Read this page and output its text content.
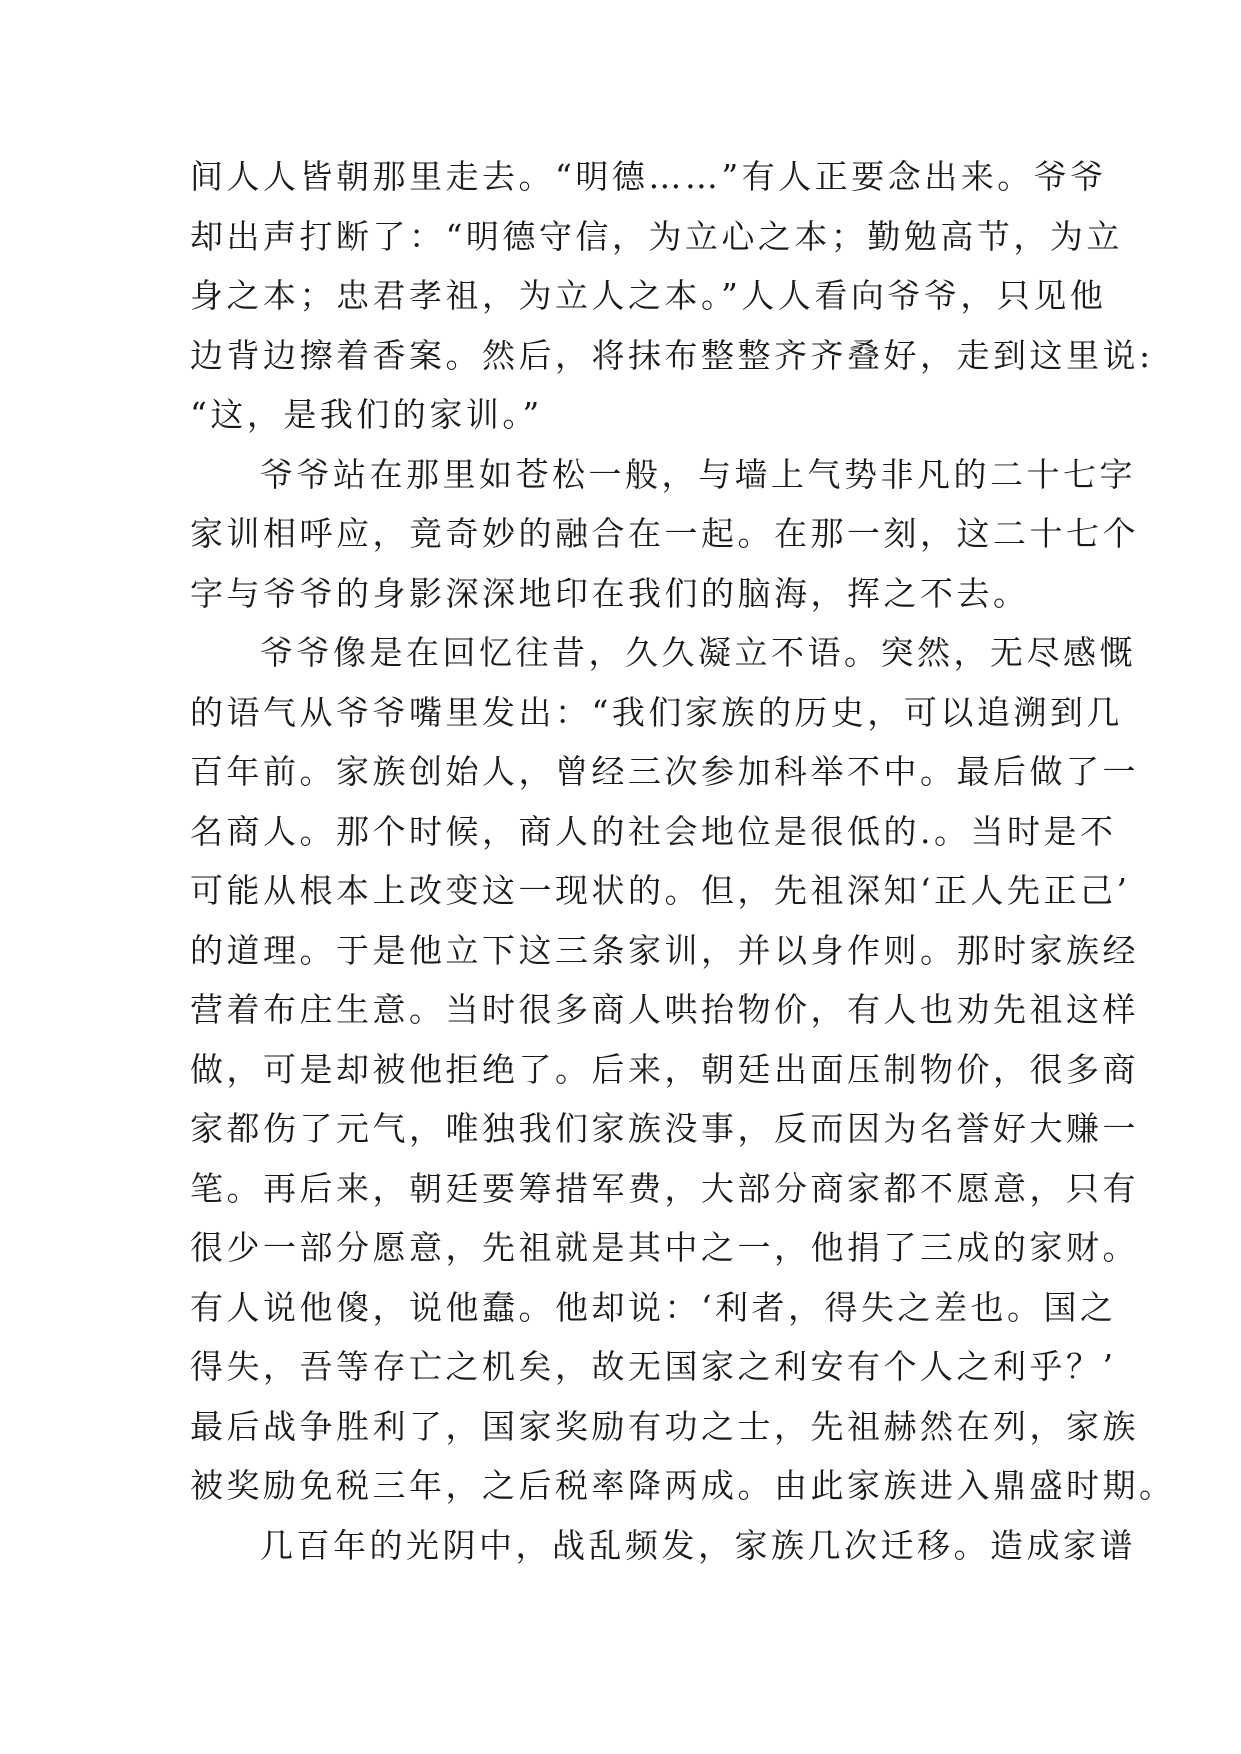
间人人皆朝那里走去。“明德……”有人正要念出来。爷爷
却出声打断了：“明德守信，为立心之本；勤勉高节，为立
身之本；忠君孝祖，为立人之本。”人人看向爷爷，只见他
边背边擦着香案。然后，将抹布整整齐齐叠好，走到这里说:
“这，是我们的家训。”
爷爷站在那里如苍松一般，与墙上气势非凡的二十七字
家训相呼应，竟奇妙的融合在一起。在那一刻，这二十七个
字与爷爷的身影深深地印在我们的脑海，挥之不去。
爷爷像是在回忆往昔，久久凝立不语。突然，无尽感慨
的语气从爷爷嘴里发出：“我们家族的历史，可以追溯到几
百年前。家族创始人，曾经三次参加科举不中。最后做了一
名商人。那个时候，商人的社会地位是很低的.。当时是不
可能从根本上改变这一现状的。但，先祖深知‘正人先正己’
的道理。于是他立下这三条家训，并以身作则。那时家族经
营着布庄生意。当时很多商人哄抬物价，有人也劝先祖这样
做，可是却被他拒绝了。后来，朝廷出面压制物价，很多商
家都伤了元气，唯独我们家族没事，反而因为名誉好大赚一
笔。再后来，朝廷要筹措军费，大部分商家都不愿意，只有
很少一部分愿意，先祖就是其中之一，他捐了三成的家财。
有人说他傻，说他蠢。他却说：‘利者，得失之差也。国之
得失，吾等存亡之机矣，故无国家之利安有个人之利乎？’
最后战争胜利了，国家奖励有功之士，先祖赫然在列，家族
被奖励免税三年，之后税率降两成。由此家族进入鼎盛时期。
几百年的光阴中，战乱频发，家族几次迁移。造成家谱
